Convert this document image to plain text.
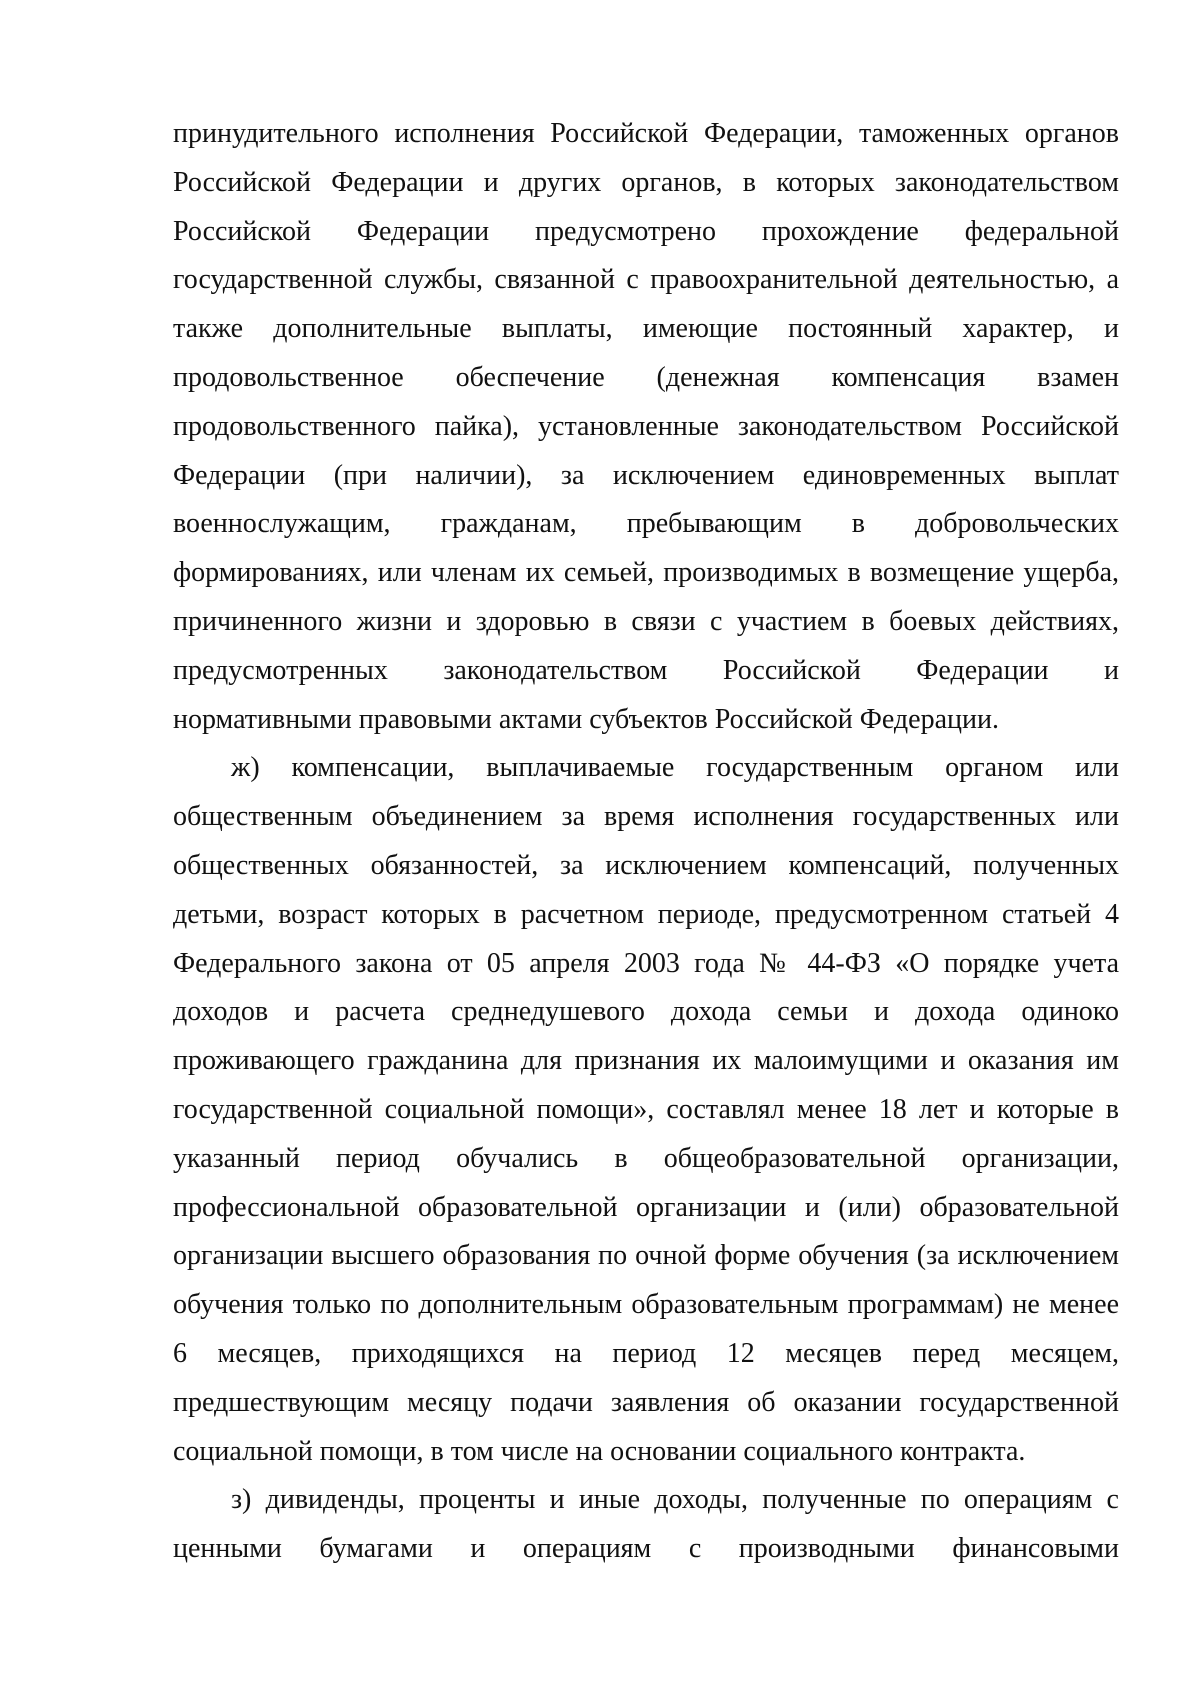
принудительного исполнения Российской Федерации, таможенных органов
Российской Федерации и других органов, в которых законодательством
Российской Федерации предусмотрено прохождение федеральной
государственной службы, связанной с правоохранительной деятельностью, а
также дополнительные выплаты, имеющие постоянный характер, и
продовольственное обеспечение (денежная компенсация взамен
продовольственного пайка), установленные законодательством Российской
Федерации (при наличии), за исключением единовременных выплат
военнослужащим, гражданам, пребывающим в добровольческих
формированиях, или членам их семьей, производимых в возмещение ущерба,
причиненного жизни и здоровью в связи с участием в боевых действиях,
предусмотренных законодательством Российской Федерации и
нормативными правовыми актами субъектов Российской Федерации.
ж) компенсации, выплачиваемые государственным органом или
общественным объединением за время исполнения государственных или
общественных обязанностей, за исключением компенсаций, полученных
детьми, возраст которых в расчетном периоде, предусмотренном статьей 4
Федерального закона от 05 апреля 2003 года № 44-ФЗ «О порядке учета
доходов и расчета среднедушевого дохода семьи и дохода одиноко
проживающего гражданина для признания их малоимущими и оказания им
государственной социальной помощи», составлял менее 18 лет и которые в
указанный период обучались в общеобразовательной организации,
профессиональной образовательной организации и (или) образовательной
организации высшего образования по очной форме обучения (за исключением
обучения только по дополнительным образовательным программам) не менее
6 месяцев, приходящихся на период 12 месяцев перед месяцем,
предшествующим месяцу подачи заявления об оказании государственной
социальной помощи, в том числе на основании социального контракта.
з) дивиденды, проценты и иные доходы, полученные по операциям с
ценными бумагами и операциям с производными финансовыми
